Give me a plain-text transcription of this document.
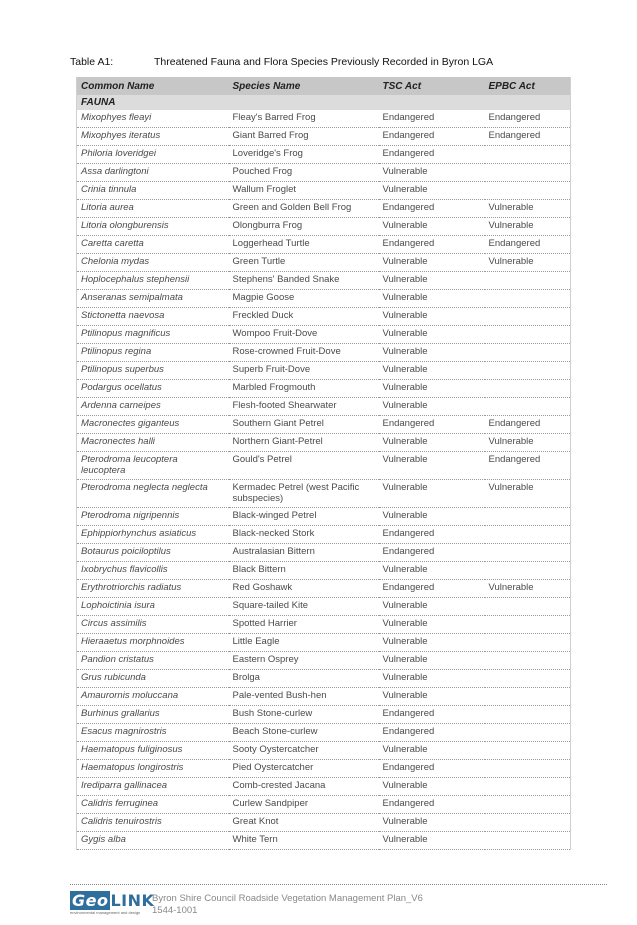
Table A1:	Threatened Fauna and Flora Species Previously Recorded in Byron LGA
Common Name	Species Name	TSC Act	EPBC Act
FAUNA			
Mixophyes fleayi	Fleay's Barred Frog	Endangered	Endangered
Mixophyes iteratus	Giant Barred Frog	Endangered	Endangered
Philoria loveridgei	Loveridge's Frog	Endangered	
Assa darlingtoni	Pouched Frog	Vulnerable	
Crinia tinnula	Wallum Froglet	Vulnerable	
Litoria aurea	Green and Golden Bell Frog	Endangered	Vulnerable
Litoria olongburensis	Olongburra Frog	Vulnerable	Vulnerable
Caretta caretta	Loggerhead Turtle	Endangered	Endangered
Chelonia mydas	Green Turtle	Vulnerable	Vulnerable
Hoplocephalus stephensii	Stephens' Banded Snake	Vulnerable	
Anseranas semipalmata	Magpie Goose	Vulnerable	
Stictonetta naevosa	Freckled Duck	Vulnerable	
Ptilinopus magnificus	Wompoo Fruit-Dove	Vulnerable	
Ptilinopus regina	Rose-crowned Fruit-Dove	Vulnerable	
Ptilinopus superbus	Superb Fruit-Dove	Vulnerable	
Podargus ocellatus	Marbled Frogmouth	Vulnerable	
Ardenna carneipes	Flesh-footed Shearwater	Vulnerable	
Macronectes giganteus	Southern Giant Petrel	Endangered	Endangered
Macronectes halli	Northern Giant-Petrel	Vulnerable	Vulnerable
Pterodroma leucoptera leucoptera	Gould's Petrel	Vulnerable	Endangered
Pterodroma neglecta neglecta	Kermadec Petrel (west Pacific subspecies)	Vulnerable	Vulnerable
Pterodroma nigripennis	Black-winged Petrel	Vulnerable	
Ephippiorhynchus asiaticus	Black-necked Stork	Endangered	
Botaurus poiciloptilus	Australasian Bittern	Endangered	
Ixobrychus flavicollis	Black Bittern	Vulnerable	
Erythrotriorchis radiatus	Red Goshawk	Endangered	Vulnerable
Lophoictinia isura	Square-tailed Kite	Vulnerable	
Circus assimilis	Spotted Harrier	Vulnerable	
Hieraaetus morphnoides	Little Eagle	Vulnerable	
Pandion cristatus	Eastern Osprey	Vulnerable	
Grus rubicunda	Brolga	Vulnerable	
Amaurornis moluccana	Pale-vented Bush-hen	Vulnerable	
Burhinus grallarius	Bush Stone-curlew	Endangered	
Esacus magnirostris	Beach Stone-curlew	Endangered	
Haematopus fuliginosus	Sooty Oystercatcher	Vulnerable	
Haematopus longirostris	Pied Oystercatcher	Endangered	
Irediparra gallinacea	Comb-crested Jacana	Vulnerable	
Calidris ferruginea	Curlew Sandpiper	Endangered	
Calidris tenuirostris	Great Knot	Vulnerable	
Gygis alba	White Tern	Vulnerable	
Geo LINK
environmental management and design
Byron Shire Council Roadside Vegetation Management Plan_V6
1544-1001
